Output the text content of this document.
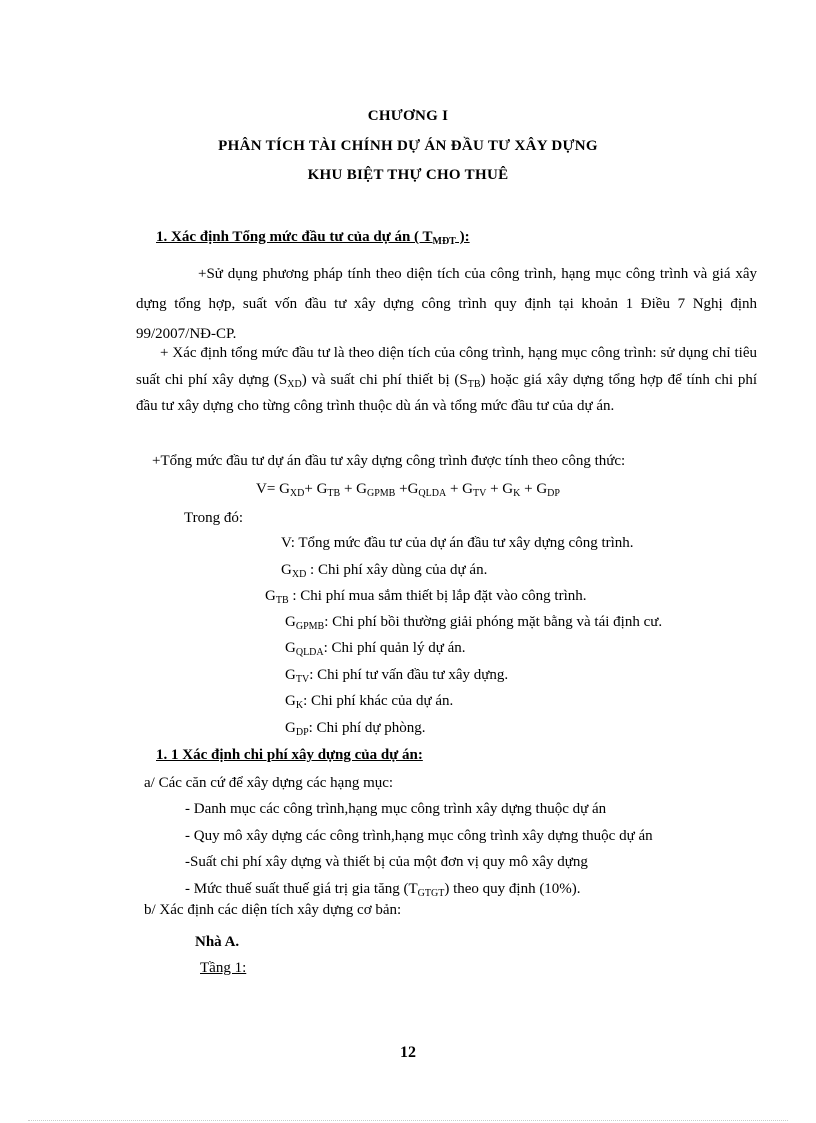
CHƯƠNG I
PHÂN TÍCH TÀI CHÍNH DỰ ÁN ĐẦU TƯ XÂY DỰNG
KHU BIỆT THỰ CHO THUÊ
1. Xác định Tổng mức đầu tư của dự án ( $T_{MĐT}$ ):
+Sử dụng phương pháp tính theo diện tích của công trình, hạng mục công trình và giá xây dựng tổng hợp, suất vốn đầu tư xây dựng công trình quy định tại khoản 1 Điều 7 Nghị định 99/2007/NĐ-CP.
+ Xác định tổng mức đầu tư là theo diện tích của công trình, hạng mục công trình: sử dụng chỉ tiêu suất chi phí xây dựng $(S_{XD})$ và suất chi phí thiết bị $(S_{TB})$ hoặc giá xây dựng tổng hợp để tính chi phí đầu tư xây dựng cho từng công trình thuộc dù án và tổng mức đầu tư của dự án.
+Tổng mức đầu tư dự án đầu tư xây dựng công trình được tính theo công thức:
$V= G_{XD}+ G_{TB} + G_{GPMB} +G_{QLDA} + G_{TV} + G_K + G_{DP}$
Trong đó:
V: Tổng mức đầu tư của dự án đầu tư xây dựng công trình.
$G_{XD}$ : Chi phí xây dùng của dự án.
$G_{TB}$ : Chi phí mua sắm thiết bị lắp đặt vào công trình.
$G_{GPMB}$: Chi phí bồi thường giải phóng mặt bằng và tái định cư.
$G_{QLDA}$: Chi phí quản lý dự án.
$G_{TV}$: Chi phí tư vấn đầu tư xây dựng.
$G_K$: Chi phí khác của dự án.
$G_{DP}$: Chi phí dự phòng.
1. 1 Xác định chi phí xây dựng của dự án:
a/ Các căn cứ để xây dựng các hạng mục:
- Danh mục các công trình,hạng mục công trình xây dựng thuộc dự án
- Quy mô xây dựng các công trình,hạng mục công trình xây dựng thuộc dự án
-Suất chi phí xây dựng và thiết bị của một đơn vị quy mô xây dựng
- Mức thuế suất thuế giá trị gia tăng $(T_{GTGT})$ theo quy định (10%).
b/ Xác định các diện tích xây dựng cơ bản:
Nhà A.
Tầng 1:
12
